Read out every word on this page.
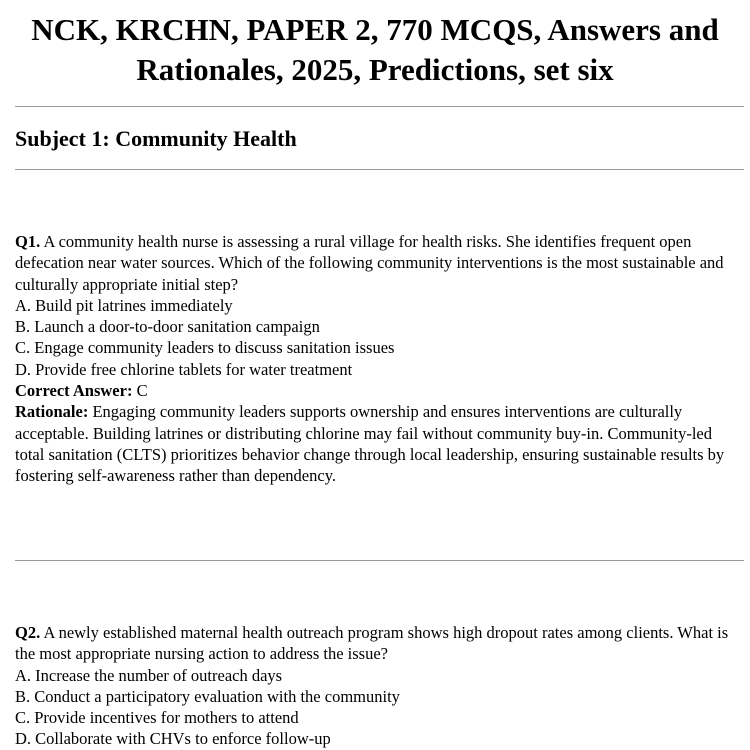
NCK, KRCHN, PAPER 2, 770 MCQS, Answers and
Rationales, 2025, Predictions, set six
Subject 1: Community Health

Q1. A community health nurse is assessing a rural village for health risks. She identifies frequent open defecation near water sources. Which of the following community interventions is the most sustainable and culturally appropriate initial step?

A. Build pit latrines immediately

B. Launch a door-to-door sanitation campaign

C. Engage community leaders to discuss sanitation issues

D. Provide free chlorine tablets for water treatment

Correct Answer: C

Rationale: Engaging community leaders supports ownership and ensures interventions are culturally acceptable. Building latrines or distributing chlorine may fail without community buy-in. Community-led total sanitation (CLTS) prioritizes behavior change through local leadership, ensuring sustainable results by fostering self-awareness rather than dependency.

Q2. A newly established maternal health outreach program shows high dropout rates among clients. What is the most appropriate nursing action to address the issue?

A. Increase the number of outreach days

B. Conduct a participatory evaluation with the community

C. Provide incentives for mothers to attend

D. Collaborate with CHVs to enforce follow-up
